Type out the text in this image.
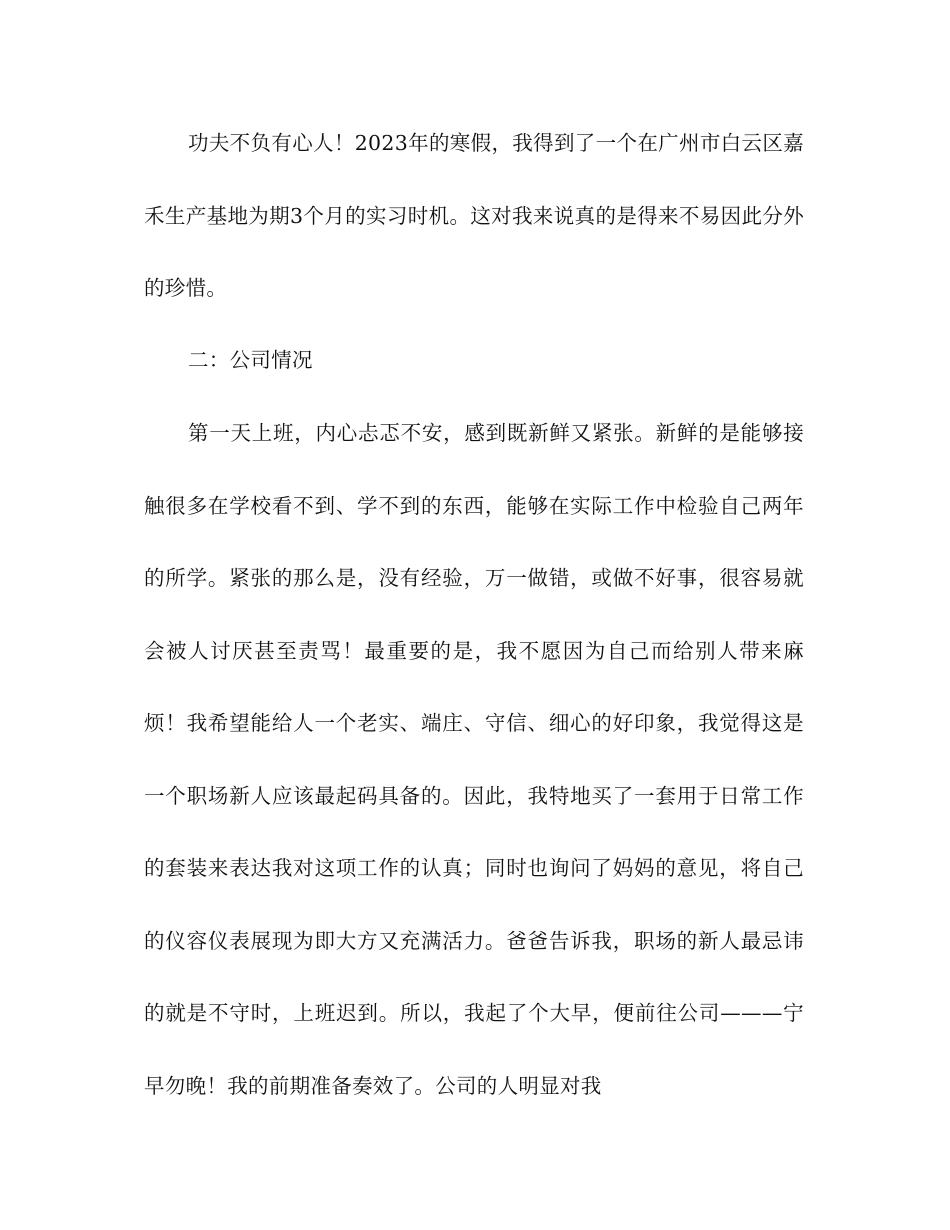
功夫不负有心人！2023年的寒假，我得到了一个在广州市白云区嘉禾生产基地为期3个月的实习时机。这对我来说真的是得来不易因此分外的珍惜。

二：公司情况

第一天上班，内心忐忑不安，感到既新鲜又紧张。新鲜的是能够接触很多在学校看不到、学不到的东西，能够在实际工作中检验自己两年的所学。紧张的那么是，没有经验，万一做错，或做不好事，很容易就会被人讨厌甚至责骂！最重要的是，我不愿因为自己而给别人带来麻烦！我希望能给人一个老实、端庄、守信、细心的好印象，我觉得这是一个职场新人应该最起码具备的。因此，我特地买了一套用于日常工作的套装来表达我对这项工作的认真；同时也询问了妈妈的意见，将自己的仪容仪表展现为即大方又充满活力。爸爸告诉我，职场的新人最忌讳的就是不守时，上班迟到。所以，我起了个大早，便前往公司———宁早勿晚！我的前期准备奏效了。公司的人明显对我
